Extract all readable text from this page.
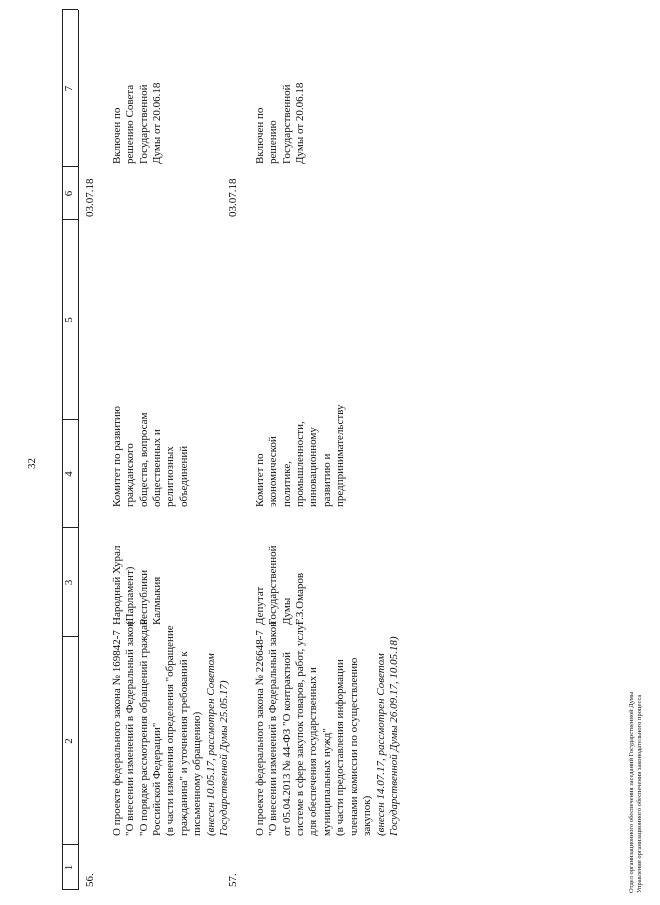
32
1
2
3
4
5
6
7
56.

О проекте федерального закона № 169842-7 "О внесении изменений в Федеральный закон "О порядке рассмотрения обращений граждан Российской Федерации" (в части изменения определения "обращение гражданина" и уточнения требований к письменному обращению)

(внесен 10.05.17, рассмотрен Советом Государственной Думы 25.05.17)

Народный Хурал (Парламент) Республики Калмыкия

Комитет по развитию гражданского общества, вопросам общественных и религиозных объединений

03.07.18

Включен по решению Совета Государственной Думы от 20.06.18

57.

О проекте федерального закона № 226648-7 "О внесении изменений в Федеральный закон от 05.04.2013 № 44-ФЗ "О контрактной системе в сфере закупок товаров, работ, услуг для обеспечения государственных и муниципальных нужд" (в части предоставления информации членами комиссии по осуществлению закупок)

(внесен 14.07.17, рассмотрен Советом Государственной Думы 26.09.17, 10.05.18)

Депутат Государственной Думы Г.З.Омаров

Комитет по экономической политике, промышленности, инновационному развитию и предпринимательству

03.07.18

Включен по решению Государственной Думы от 20.06.18

Отдел организационного обеспечения заседаний Государственной Думы Управления организационного обеспечения законодательного процесса
